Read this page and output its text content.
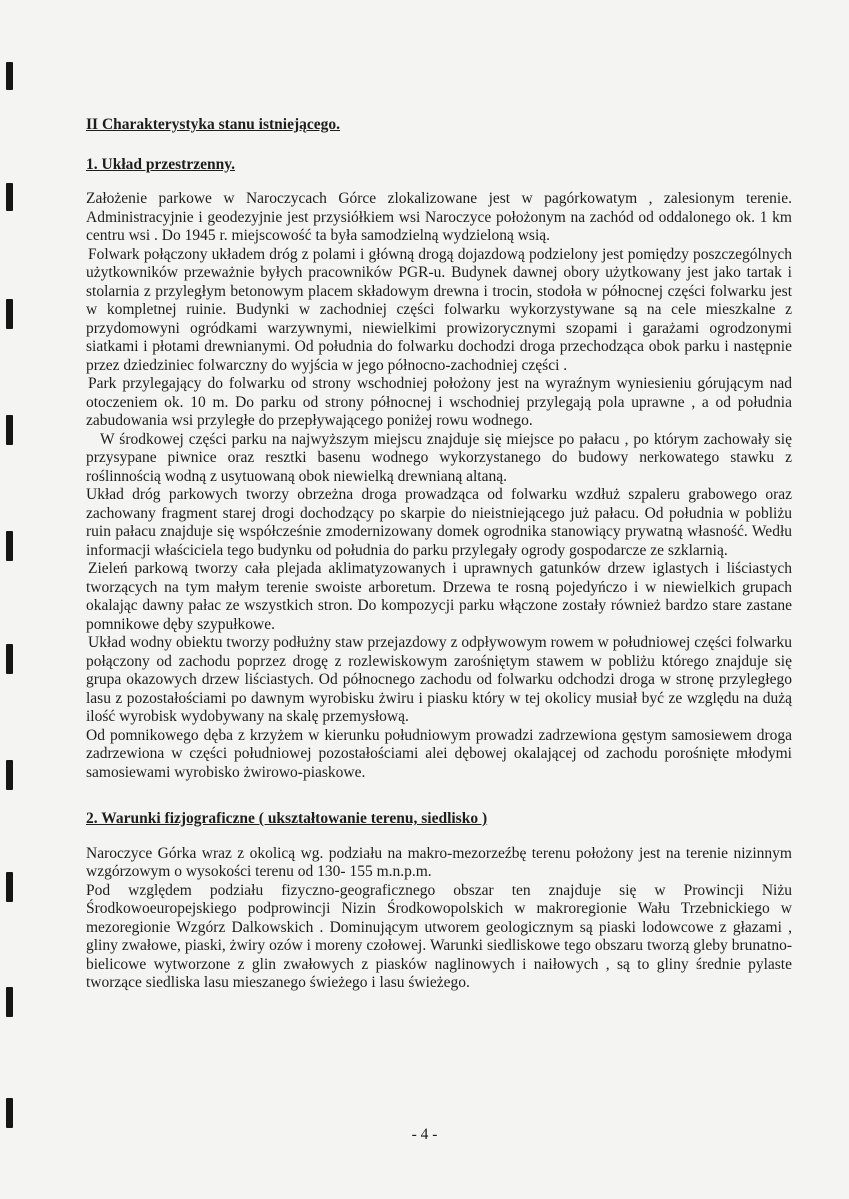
II Charakterystyka stanu istniejącego.

1. Układ przestrzenny.

Założenie parkowe w Naroczycach Górce zlokalizowane jest w pagórkowatym , zalesionym terenie. Administracyjnie i geodezyjnie jest przysiółkiem wsi Naroczyce położonym na zachód od oddalonego ok. 1 km centru wsi . Do 1945 r. miejscowość ta była samodzielną wydzieloną wsią.

Folwark połączony układem dróg z polami i główną drogą dojazdową podzielony jest pomiędzy poszczególnych użytkowników przeważnie byłych pracowników PGR-u. Budynek dawnej obory użytkowany jest jako tartak i stolarnia z przyległym betonowym placem składowym drewna i trocin, stodoła w północnej części folwarku jest w kompletnej ruinie. Budynki w zachodniej części folwarku wykorzystywane są na cele mieszkalne z przydomowyni ogródkami warzywnymi, niewielkimi prowizorycznymi szopami i garażami ogrodzonymi siatkami i płotami drewnianymi. Od południa do folwarku dochodzi droga przechodząca obok parku i następnie przez dziedziniec folwarczny do wyjścia w jego północno-zachodniej części .

Park przylegający do folwarku od strony wschodniej położony jest na wyraźnym wyniesieniu górującym nad otoczeniem ok. 10 m. Do parku od strony północnej i wschodniej przylegają pola uprawne , a od południa zabudowania wsi przyległe do przepływającego poniżej rowu wodnego.

W środkowej części parku na najwyższym miejscu znajduje się miejsce po pałacu , po którym zachowały się przysypane piwnice oraz resztki basenu wodnego wykorzystanego do budowy nerkowatego stawku z roślinnością wodną z usytuowaną obok niewielką drewnianą altaną.

Układ dróg parkowych tworzy obrzeżna droga prowadząca od folwarku wzdłuż szpaleru grabowego oraz zachowany fragment starej drogi dochodzący po skarpie do nieistniejącego już pałacu. Od południa w pobliżu ruin pałacu znajduje się współcześnie zmodernizowany domek ogrodnika stanowiący prywatną własność. Wedłu informacji właściciela tego budynku od południa do parku przylegały ogrody gospodarcze ze szklarnią.

Zieleń parkową tworzy cała plejada aklimatyzowanych i uprawnych gatunków drzew iglastych i liściastych tworzących na tym małym terenie swoiste arboretum. Drzewa te rosną pojedyńczo i w niewielkich grupach okalając dawny pałac ze wszystkich stron. Do kompozycji parku włączone zostały również bardzo stare zastane pomnikowe dęby szypułkowe.

Układ wodny obiektu tworzy podłużny staw przejazdowy z odpływowym rowem w południowej części folwarku połączony od zachodu poprzez drogę z rozlewiskowym zarośniętym stawem w pobliżu którego znajduje się grupa okazowych drzew liściastych. Od północnego zachodu od folwarku odchodzi droga w stronę przyległego lasu z pozostałościami po dawnym wyrobisku żwiru i piasku który w tej okolicy musiał być ze względu na dużą ilość wyrobisk wydobywany na skalę przemysłową.

Od pomnikowego dęba z krzyżem w kierunku południowym prowadzi zadrzewiona gęstym samosiewem droga zadrzewiona w części południowej pozostałościami alei dębowej okalającej od zachodu porośnięte młodymi samosiewami wyrobisko żwirowo-piaskowe.

2. Warunki fizjograficzne ( ukształtowanie terenu, siedlisko )

Naroczyce Górka wraz z okolicą wg. podziału na makro-mezorzeźbę terenu położony jest na terenie nizinnym wzgórzowym o wysokości terenu od 130- 155 m.n.p.m.

Pod względem podziału fizyczno-geograficznego obszar ten znajduje się w Prowincji Niżu Środkowoeuropejskiego podprowincji Nizin Środkowopolskich w makroregionie Wału Trzebnickiego w mezoregionie Wzgórz Dalkowskich . Dominującym utworem geologicznym są piaski lodowcowe z głazami , gliny zwałowe, piaski, żwiry ozów i moreny czołowej. Warunki siedliskowe tego obszaru tworzą gleby brunatno-bielicowe wytworzone z glin zwałowych z piasków naglinowych i naiłowych , są to gliny średnie pylaste tworzące siedliska lasu mieszanego świeżego i lasu świeżego.

- 4 -
